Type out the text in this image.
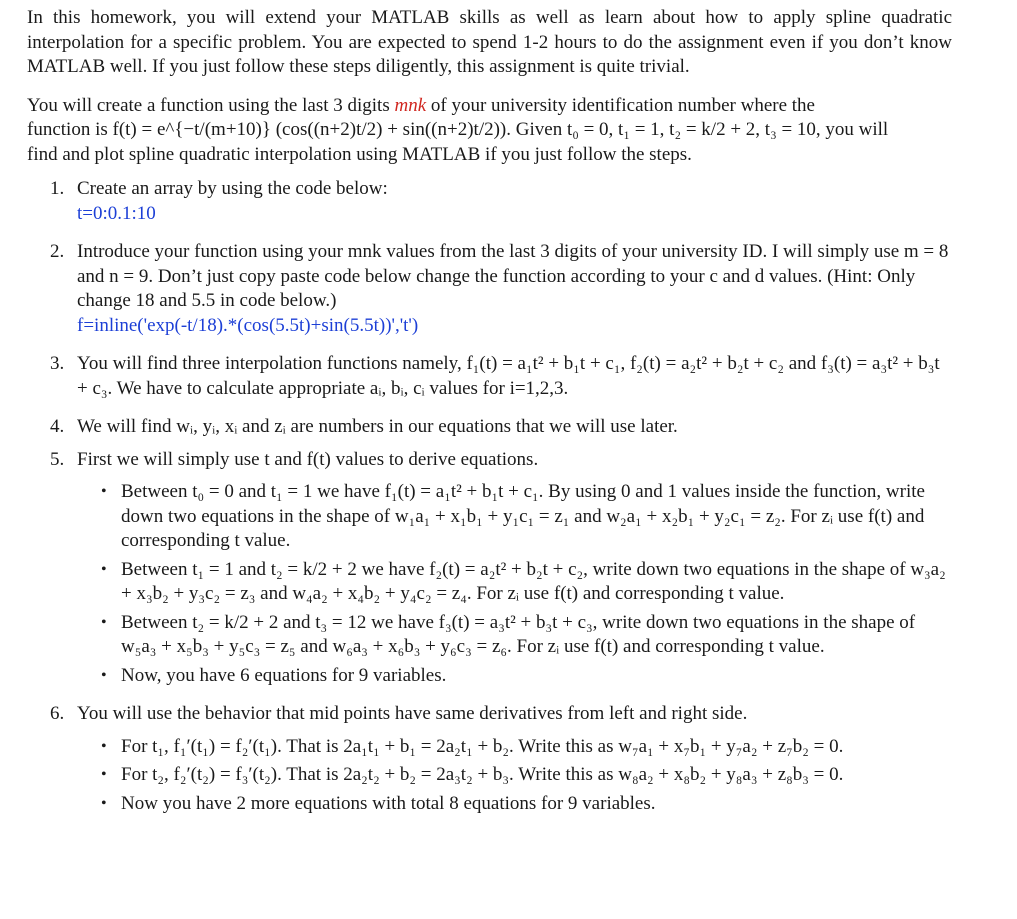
In this homework, you will extend your MATLAB skills as well as learn about how to apply spline quadratic interpolation for a specific problem. You are expected to spend 1-2 hours to do the assignment even if you don’t know MATLAB well. If you just follow these steps diligently, this assignment is quite trivial.

You will create a function using the last 3 digits mnk of your university identification number where the
function is f(t) = e^{−t/(m+10)} (cos((n+2)t/2) + sin((n+2)t/2)). Given t₀ = 0, t₁ = 1, t₂ = k/2 + 2, t₃ = 10, you will
find and plot spline quadratic interpolation using MATLAB if you just follow the steps.

1. Create an array by using the code below:
t=0:0.1:10
2. Introduce your function using your mnk values from the last 3 digits of your university ID. I will simply use m = 8 and n = 9. Don’t just copy paste code below change the function according to your c and d values. (Hint: Only change 18 and 5.5 in code below.)
f=inline('exp(-t/18).*(cos(5.5t)+sin(5.5t))','t')
3. You will find three interpolation functions namely, f₁(t) = a₁t² + b₁t + c₁, f₂(t) = a₂t² + b₂t + c₂ and f₃(t) = a₃t² + b₃t + c₃. We have to calculate appropriate aᵢ, bᵢ, cᵢ values for i=1,2,3.
4. We will find wᵢ, yᵢ, xᵢ and zᵢ are numbers in our equations that we will use later.
5. First we will simply use t and f(t) values to derive equations.
• Between t₀ = 0 and t₁ = 1 we have f₁(t) = a₁t² + b₁t + c₁. By using 0 and 1 values inside the function, write down two equations in the shape of w₁a₁ + x₁b₁ + y₁c₁ = z₁ and w₂a₁ + x₂b₁ + y₂c₁ = z₂. For zᵢ use f(t) and corresponding t value.
• Between t₁ = 1 and t₂ = k/2 + 2 we have f₂(t) = a₂t² + b₂t + c₂, write down two equations in the shape of w₃a₂ + x₃b₂ + y₃c₂ = z₃ and w₄a₂ + x₄b₂ + y₄c₂ = z₄. For zᵢ use f(t) and corresponding t value.
• Between t₂ = k/2 + 2 and t₃ = 12 we have f₃(t) = a₃t² + b₃t + c₃, write down two equations in the shape of w₅a₃ + x₅b₃ + y₅c₃ = z₅ and w₆a₃ + x₆b₃ + y₆c₃ = z₆. For zᵢ use f(t) and corresponding t value.
• Now, you have 6 equations for 9 variables.
6. You will use the behavior that mid points have same derivatives from left and right side.
• For t₁, f₁′(t₁) = f₂′(t₁). That is 2a₁t₁ + b₁ = 2a₂t₁ + b₂. Write this as w₇a₁ + x₇b₁ + y₇a₂ + z₇b₂ = 0.
• For t₂, f₂′(t₂) = f₃′(t₂). That is 2a₂t₂ + b₂ = 2a₃t₂ + b₃. Write this as w₈a₂ + x₈b₂ + y₈a₃ + z₈b₃ = 0.
• Now you have 2 more equations with total 8 equations for 9 variables.
